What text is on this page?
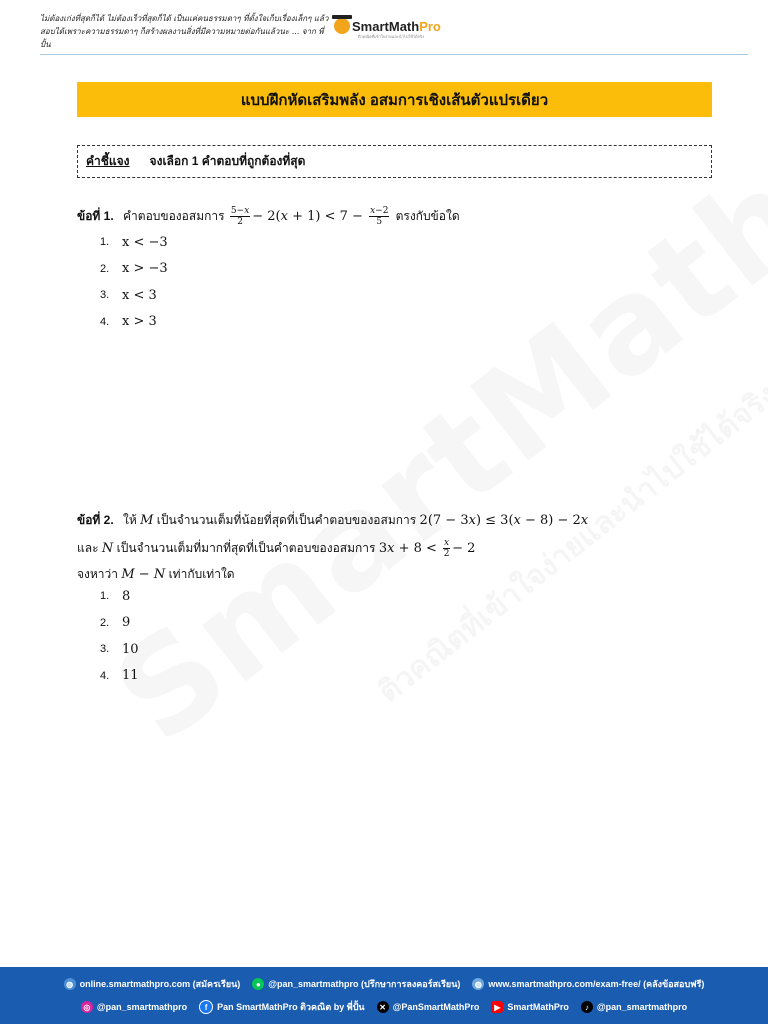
ไม่ต้องเก่งที่สุดก็ได้ ไม่ต้องเร็วที่สุดก็ได้ เป็นแค่คนธรรมดาๆ ที่ตั้งใจเก็บเรื่องเล็กๆ แล้ว
สอบได้เพราะความธรรมดาๆ ก็สร้างผลงานสิ่งที่มีความหมายต่อกันแล้วนะ ... จาก พี่ปั้น
SmartMathPro
ติวคณิตที่เข้าใจง่ายและนำไปใช้ได้จริง
แบบฝึกหัดเสริมพลัง อสมการเชิงเส้นตัวแปรเดียว
คำชี้แจง จงเลือก 1 คำตอบที่ถูกต้องที่สุด
ข้อที่ 1. คำตอบของอสมการ $\frac{5-x}{2} - 2(x + 1) < 7 - \frac{x-2}{5}$ ตรงกับข้อใด
1. x < −3
2. x > −3
3. x < 3
4. x > 3
ข้อที่ 2. ให้ M เป็นจำนวนเต็มที่น้อยที่สุดที่เป็นคำตอบของอสมการ 2(7 − 3x) ≤ 3(x − 8) − 2x
และ N เป็นจำนวนเต็มที่มากที่สุดที่เป็นคำตอบของอสมการ $3x + 8 < \frac{x}{2} - 2$
จงหาว่า M − N เท่ากับเท่าใด
1. 8
2. 9
3. 10
4. 11
◍ online.smartmathpro.com (สมัครเรียน)	● @pan_smartmathpro (ปรึกษาการลงคอร์สเรียน)	◍ www.smartmathpro.com/exam-free/ (คลังข้อสอบฟรี)
◎ @pan_smartmathpro	f	Pan SmartMathPro ติวคณิต by พี่ปั้น	✕ @PanSmartMathPro	▶ SmartMathPro	♪ @pan_smartmathpro
